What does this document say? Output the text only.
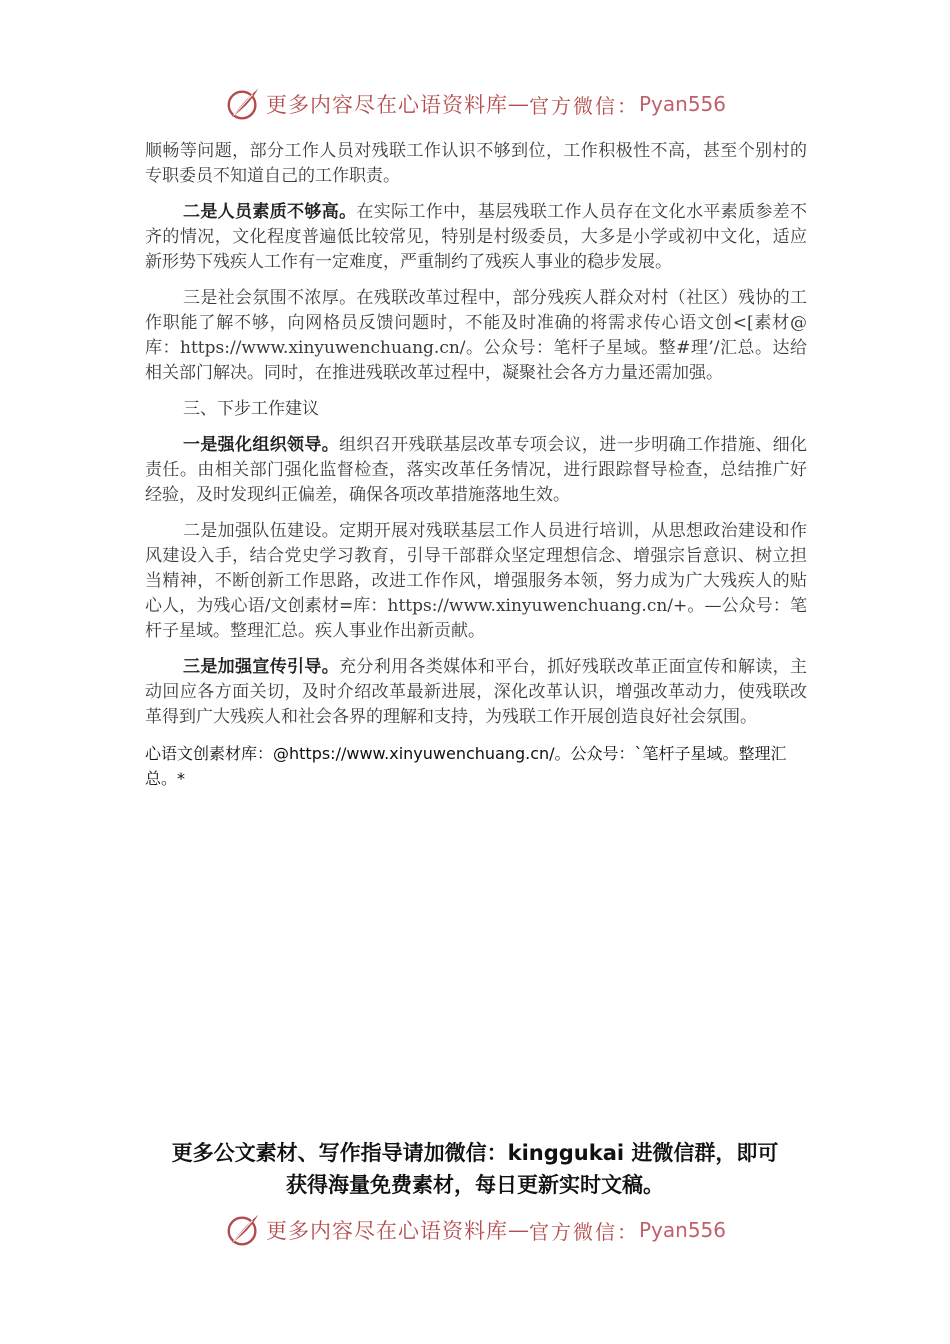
更多内容尽在心语资料库 — 官方微信： Pyan556

顺畅等问题，部分工作人员对残联工作认识不够到位，工作积极性不高，甚至个别村的专职委员不知道自己的工作职责。

二是人员素质不够高。在实际工作中，基层残联工作人员存在文化水平素质参差不齐的情况，文化程度普遍低比较常见，特别是村级委员，大多是小学或初中文化，适应新形势下残疾人工作有一定难度，严重制约了残疾人事业的稳步发展。

三是社会氛围不浓厚。在残联改革过程中，部分残疾人群众对村（社区）残协的工作职能了解不够，向网格员反馈问题时，不能及时准确的将需求传心语文创<[素材@库：https://www.xinyuwenchuang.cn/。公众号：笔杆子星域。整#理’/汇总。达给相关部门解决。同时，在推进残联改革过程中，凝聚社会各方力量还需加强。

三、下步工作建议

一是强化组织领导。组织召开残联基层改革专项会议，进一步明确工作措施、细化责任。由相关部门强化监督检查，落实改革任务情况，进行跟踪督导检查，总结推广好经验，及时发现纠正偏差，确保各项改革措施落地生效。

二是加强队伍建设。定期开展对残联基层工作人员进行培训，从思想政治建设和作风建设入手，结合党史学习教育，引导干部群众坚定理想信念、增强宗旨意识、树立担当精神，不断创新工作思路，改进工作作风，增强服务本领，努力成为广大残疾人的贴心人，为残心语/文创素材=库：https://www.xinyuwenchuang.cn/+。—公众号：笔杆子星域。整理汇总。疾人事业作出新贡献。

三是加强宣传引导。充分利用各类媒体和平台，抓好残联改革正面宣传和解读，主动回应各方面关切，及时介绍改革最新进展，深化改革认识，增强改革动力，使残联改革得到广大残疾人和社会各界的理解和支持，为残联工作开展创造良好社会氛围。

心语文创素材库：@https://www.xinyuwenchuang.cn/。公众号：`笔杆子星域。整理汇总。*
更多公文素材、写作指导请加微信：kinggukai 进微信群，即可
获得海量免费素材，每日更新实时文稿。
更多内容尽在心语资料库 — 官方微信： Pyan556
